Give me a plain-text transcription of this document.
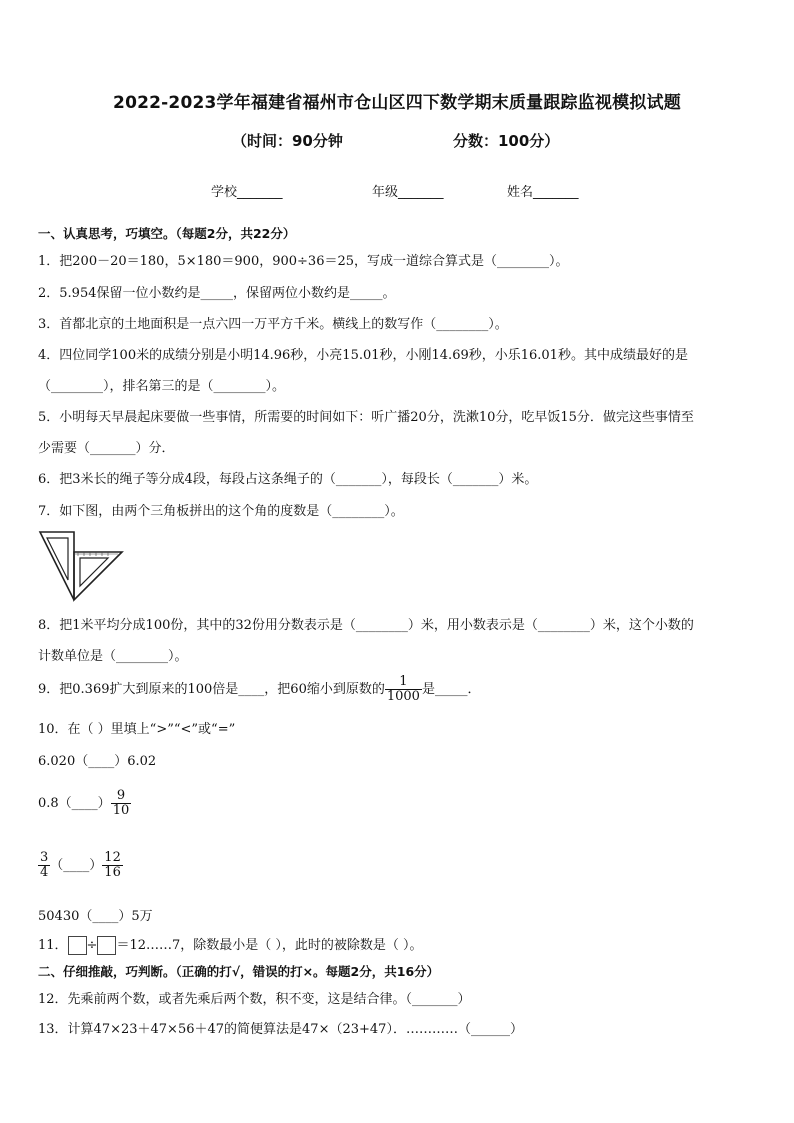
2022-2023学年福建省福州市仓山区四下数学期末质量跟踪监视模拟试题
（时间：90分钟	分数：100分）
学校_______	年级_______	姓名_______
一、认真思考，巧填空。（每题2分，共22分）
1．把200－20＝180，5×180＝900，900÷36＝25，写成一道综合算式是（________）。
2．5.954保留一位小数约是_____，保留两位小数约是_____。
3．首都北京的土地面积是一点六四一万平方千米。横线上的数写作（________）。
4．四位同学100米的成绩分别是小明14.96秒，小亮15.01秒，小刚14.69秒，小乐16.01秒。其中成绩最好的是
（________），排名第三的是（________）。
5．小明每天早晨起床要做一些事情，所需要的时间如下：听广播20分，洗漱10分，吃早饭15分．做完这些事情至
少需要（_______）分．
6．把3米长的绳子等分成4段，每段占这条绳子的（_______），每段长（_______）米。
7．如下图，由两个三角板拼出的这个角的度数是（________）。
8．把1米平均分成100份，其中的32份用分数表示是（________）米，用小数表示是（________）米，这个小数的
计数单位是（________）。
9．把0.369扩大到原来的100倍是____，把60缩小到原数的 $\frac{1}{1000}$ 是_____．
10．在（ ）里填上“>”“<”或“=”
6.020（____）6.02
0.8（____） $\frac{9}{10}$
$\frac{3}{4}$ （____） $\frac{12}{16}$
50430（____）5万
11． ÷ ＝12……7，除数最小是（ ），此时的被除数是（ ）。
二、仔细推敲，巧判断。（正确的打√，错误的打×。每题2分，共16分）
12．先乘前两个数，或者先乘后两个数，积不变，这是结合律。（_______）
13．计算47×23＋47×56＋47的简便算法是47×（23+47）．…………（______）
